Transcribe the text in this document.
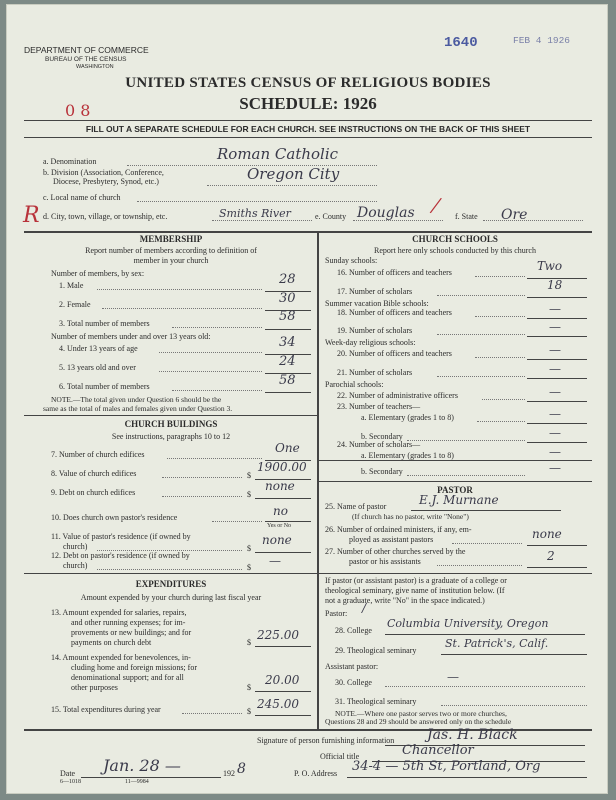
DEPARTMENT OF COMMERCE
BUREAU OF THE CENSUS
WASHINGTON
1640	FEB 4 1926
UNITED STATES CENSUS OF RELIGIOUS BODIES
SCHEDULE: 1926
0 8
R
FILL OUT A SEPARATE SCHEDULE FOR EACH CHURCH. SEE INSTRUCTIONS ON THE BACK OF THIS SHEET
a. Denomination	Roman Catholic
b. Division (Association, Conference,
Diocese, Presbytery, Synod, etc.)	Oregon City
c. Local name of church
d. City, town, village, or township, etc.	Smiths River	e. County Douglas / f. State Ore
MEMBERSHIP
Report number of members according to definition of
member in your church
Number of members, by sex:
1. Male	28
2. Female	30
3. Total number of members	58
Number of members under and over 13 years old:
4. Under 13 years of age	34
5. 13 years old and over	24
6. Total number of members	58
NOTE.—The total given under Question 6 should be the
same as the total of males and females given under Question 3.
CHURCH BUILDINGS
See instructions, paragraphs 10 to 12
7. Number of church edifices	One
8. Value of church edifices	$
1900.00
9. Debt on church edifices	$
none
10. Does church own pastor's residence	no
Yes or No
11. Value of pastor's residence (if owned by
church)	$
none
12. Debt on pastor's residence (if owned by
church)	$ —
EXPENDITURES
Amount expended by your church during last fiscal year
13. Amount expended for salaries, repairs,
and other running expenses; for im-
provements or new buildings; and for
payments on church debt	$
225.00
14. Amount expended for benevolences, in-
cluding home and foreign missions; for
denominational support; and for all
other purposes	$
20.00
15. Total expenditures during year	$
245.00
CHURCH SCHOOLS
Report here only schools conducted by this church
Sunday schools:
16. Number of officers and teachers	Two
17. Number of scholars	18
Summer vacation Bible schools:
18. Number of officers and teachers	—
19. Number of scholars	—
Week-day religious schools:
20. Number of officers and teachers	—
21. Number of scholars	—
Parochial schools:
22. Number of administrative officers	—
23. Number of teachers—
a. Elementary (grades 1 to 8)	—
b. Secondary	—
24. Number of scholars—
a. Elementary (grades 1 to 8)	—
b. Secondary	—
PASTOR
25. Name of pastor	E.J. Murnane
(If church has no pastor, write "None")
26. Number of ordained ministers, if any, em-
ployed as assistant pastors	none
27. Number of other churches served by the
pastor or his assistants	2
If pastor (or assistant pastor) is a graduate of a college or
theological seminary, give name of institution below. (If
not a graduate, write "No" in the space indicated.)
Pastor: /
28. College
Columbia University, Oregon
29. Theological seminary
St. Patrick's, Calif.
Assistant pastor:
30. College	—
31. Theological seminary
NOTE.—Where one pastor serves two or more churches,
Questions 28 and 29 should be answered only on the schedule
Signature of person furnishing information Jas. H. Black
Official title	Chancellor
Date Jan. 28 —	192 8	P. O. Address 34-4 — 5th St, Portland, Org
6—1018	11—9984
